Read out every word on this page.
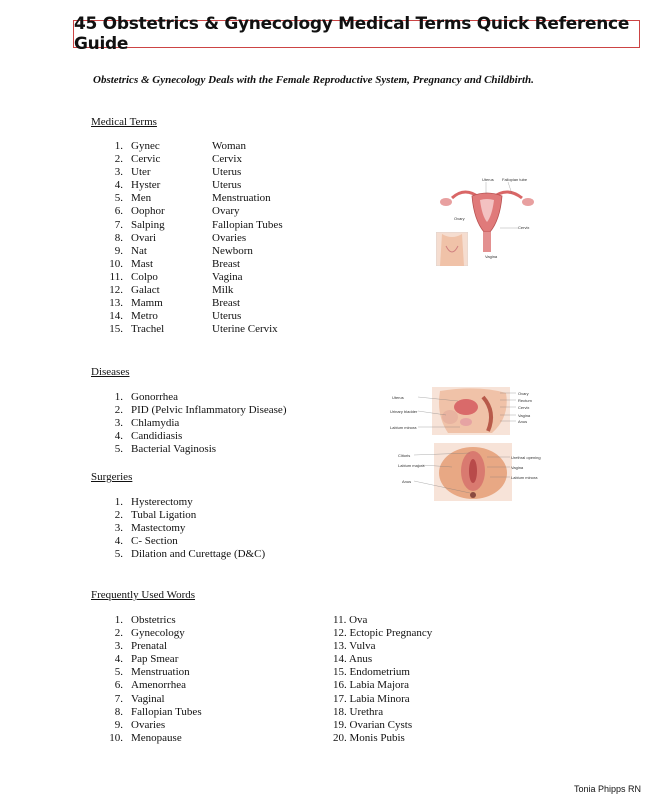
45 Obstetrics & Gynecology Medical Terms Quick Reference Guide
Obstetrics & Gynecology Deals with the Female Reproductive System, Pregnancy and Childbirth.
Medical Terms
1. Gynec	Woman
2. Cervic	Cervix
3. Uter	Uterus
4. Hyster	Uterus
5. Men	Menstruation
6. Oophor	Ovary
7. Salping	Fallopian Tubes
8. Ovari	Ovaries
9. Nat	Newborn
10. Mast	Breast
11. Colpo	Vagina
12. Galact	Milk
13. Mamm	Breast
14. Metro	Uterus
15. Trachel	Uterine Cervix
Diseases
1. Gonorrhea
2. PID (Pelvic Inflammatory Disease)
3. Chlamydia
4. Candidiasis
5. Bacterial Vaginosis
Surgeries
1. Hysterectomy
2. Tubal Ligation
3. Mastectomy
4. C- Section
5. Dilation and Curettage (D&C)
Frequently Used Words
1. Obstetrics
2. Gynecology
3. Prenatal
4. Pap Smear
5. Menstruation
6. Amenorrhea
7. Vaginal
8. Fallopian Tubes
9. Ovaries
10. Menopause
11. Ova
12. Ectopic Pregnancy
13. Vulva
14. Anus
15. Endometrium
16. Labia Majora
17. Labia Minora
18. Urethra
19. Ovarian Cysts
20. Monis Pubis
Uterus Fallopian tube
Ovary
Cervix
Vagina
Uterus
Urinary bladder
Labium minora
Ovary
Rectum
Cervix
Vagina
Anus
Clitoris
Labium majora
Anus
Urethral opening
Vagina
Labium minora
Tonia Phipps RN
